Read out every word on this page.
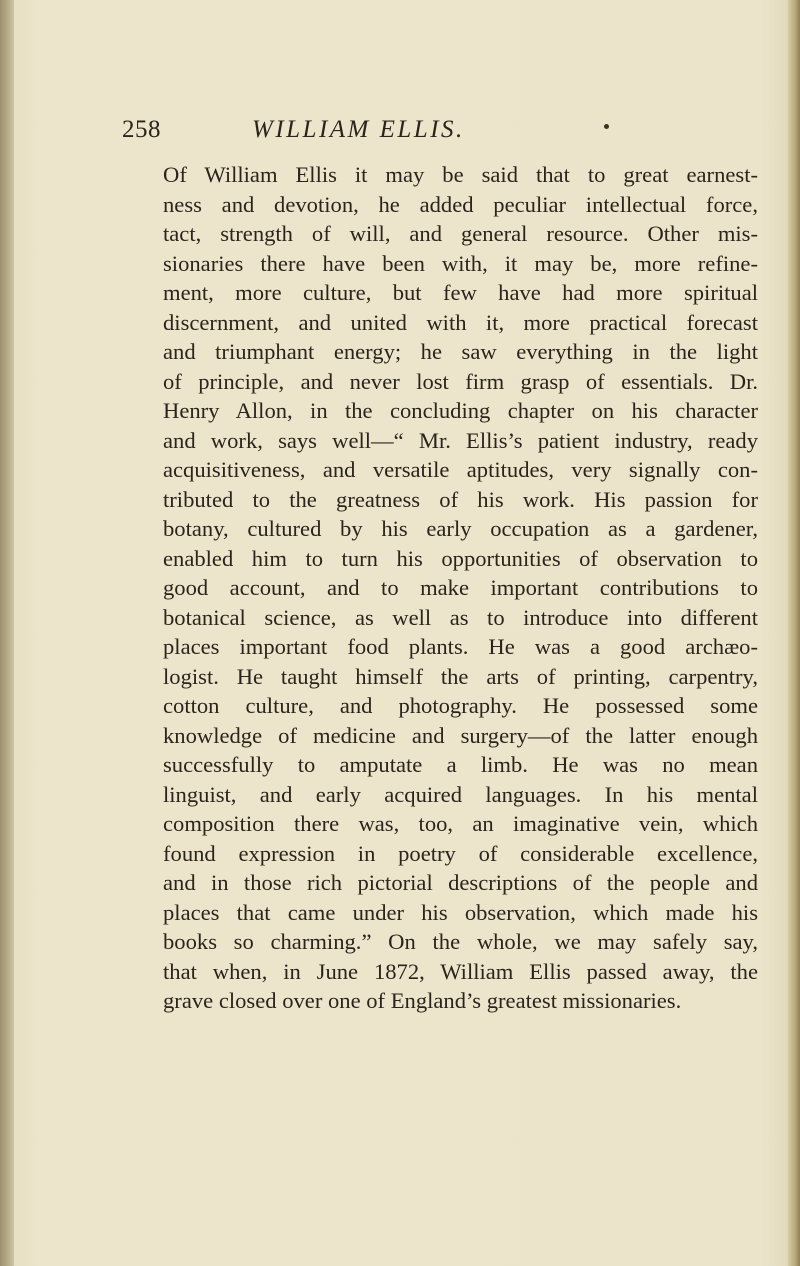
258	WILLIAM ELLIS.
Of William Ellis it may be said that to great earnest-
ness and devotion, he added peculiar intellectual force,
tact, strength of will, and general resource. Other mis-
sionaries there have been with, it may be, more refine-
ment, more culture, but few have had more spiritual
discernment, and united with it, more practical forecast
and triumphant energy; he saw everything in the light
of principle, and never lost firm grasp of essentials. Dr.
Henry Allon, in the concluding chapter on his character
and work, says well—“ Mr. Ellis’s patient industry, ready
acquisitiveness, and versatile aptitudes, very signally con-
tributed to the greatness of his work. His passion for
botany, cultured by his early occupation as a gardener,
enabled him to turn his opportunities of observation to
good account, and to make important contributions to
botanical science, as well as to introduce into different
places important food plants. He was a good archæo-
logist. He taught himself the arts of printing, carpentry,
cotton culture, and photography. He possessed some
knowledge of medicine and surgery—of the latter enough
successfully to amputate a limb. He was no mean
linguist, and early acquired languages. In his mental
composition there was, too, an imaginative vein, which
found expression in poetry of considerable excellence,
and in those rich pictorial descriptions of the people and
places that came under his observation, which made his
books so charming.” On the whole, we may safely say,
that when, in June 1872, William Ellis passed away, the
grave closed over one of England’s greatest missionaries.
